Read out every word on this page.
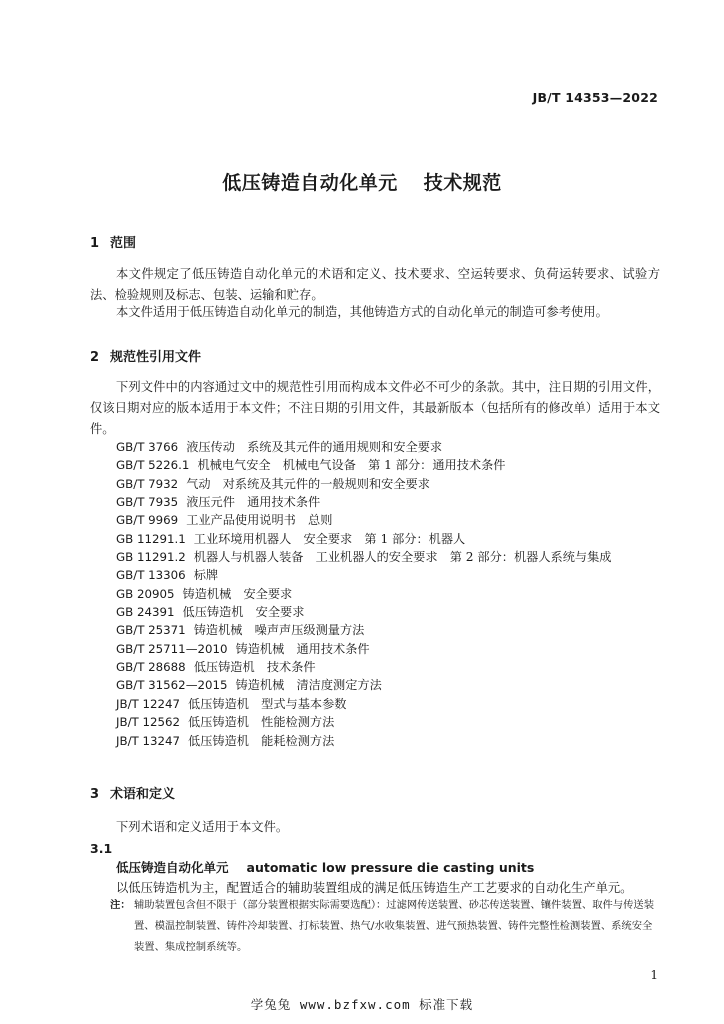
JB/T 14353—2022
低压铸造自动化单元 技术规范
1 范围

本文件规定了低压铸造自动化单元的术语和定义、技术要求、空运转要求、负荷运转要求、试验方法、检验规则及标志、包装、运输和贮存。

本文件适用于低压铸造自动化单元的制造，其他铸造方式的自动化单元的制造可参考使用。

2 规范性引用文件

下列文件中的内容通过文中的规范性引用而构成本文件必不可少的条款。其中，注日期的引用文件，仅该日期对应的版本适用于本文件；不注日期的引用文件，其最新版本（包括所有的修改单）适用于本文件。

GB/T 3766 液压传动　系统及其元件的通用规则和安全要求
GB/T 5226.1 机械电气安全　机械电气设备　第 1 部分：通用技术条件
GB/T 7932 气动　对系统及其元件的一般规则和安全要求
GB/T 7935 液压元件　通用技术条件
GB/T 9969 工业产品使用说明书　总则
GB 11291.1 工业环境用机器人　安全要求　第 1 部分：机器人
GB 11291.2 机器人与机器人装备　工业机器人的安全要求　第 2 部分：机器人系统与集成
GB/T 13306 标牌
GB 20905 铸造机械　安全要求
GB 24391 低压铸造机　安全要求
GB/T 25371 铸造机械　噪声声压级测量方法
GB/T 25711—2010 铸造机械　通用技术条件
GB/T 28688 低压铸造机　技术条件
GB/T 31562—2015 铸造机械　清洁度测定方法
JB/T 12247 低压铸造机　型式与基本参数
JB/T 12562 低压铸造机　性能检测方法
JB/T 13247 低压铸造机　能耗检测方法
3 术语和定义

下列术语和定义适用于本文件。

3.1
低压铸造自动化单元 automatic low pressure die casting units
以低压铸造机为主，配置适合的辅助装置组成的满足低压铸造生产工艺要求的自动化生产单元。
注： 辅助装置包含但不限于（部分装置根据实际需要选配）：过滤网传送装置、砂芯传送装置、镶件装置、取件与传送装置、模温控制装置、铸件冷却装置、打标装置、热气/水收集装置、进气预热装置、铸件完整性检测装置、系统安全装置、集成控制系统等。

1
学兔兔 www.bzfxw.com 标准下载
